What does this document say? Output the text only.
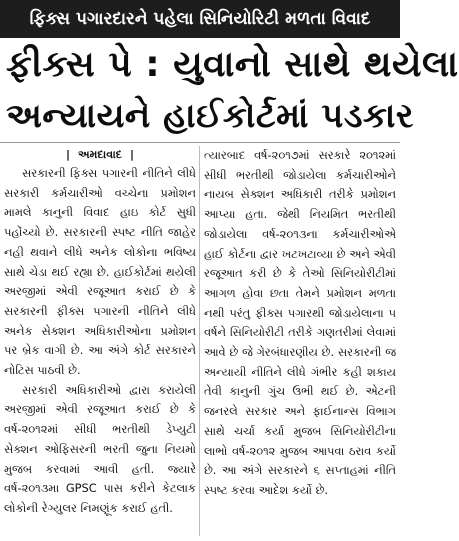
ફિક્સ પગારદારને પહેલા સિનિયોરિટી મળતા વિવાદ
ફીક્સ પે : યુવાનો સાથે થયેલા
અન્યાયને હાઈકોર્ટમાં પડકાર
| અમદાવાદ |

સરકારની ફિક્સ પગારની નીતિને લીધે સરકારી કર્મચારીઓ વચ્ચેના પ્રમોશન મામલે કાનુની વિવાદ હાઇ કોર્ટ સુધી પહોંચ્યો છે. સરકારની સ્પષ્ટ નીતિ જાહેર નહી થવાને લીધે અનેક લોકોના ભવિષ્ય સાથે ચેડા થઈ રહ્યા છે. હાઈકોર્ટમાં થયેલી અરજીમાં એવી રજૂઆત કરાઈ છે કે સરકારની ફીક્સ પગારની નીતિને લીધે અનેક સેક્શન અધિકારીઓના પ્રમોશન પર બ્રેક વાગી છે. આ અંગે કોર્ટ સરકારને નોટિસ પાઠવી છે.

સરકારી અધિકારીઓ દ્વારા કરાયેલી અરજીમાં એવી રજૂઆત કરાઈ છે કે વર્ષ-૨૦૧૨માં સીધી ભરતીથી ડેપ્યુટી સેક્શન ઓફિસરની ભરતી જુના નિયમો મુજબ કરવામાં આવી હતી. જ્યારે વર્ષ-૨૦૧૩મા GPSC પાસ કરીને કેટલાક લોકોની રેગ્યુલર નિમણૂંક કરાઈ હતી.

ત્યારબાદ વર્ષ-૨૦૧૭માં સરકારે ૨૦૧૨માં સીધી ભરતીથી જોડાયેલા કર્મચારીઓને નાયબ સેક્શન અધિકારી તરીકે પ્રમોશન આપ્યા હતા. જેથી નિયમિત ભરતીથી જોડાયેલા વર્ષ-૨૦૧૩ના કર્મચારીઓએ હાઈ કોર્ટના દ્વાર ખટખટાવ્યા છે અને એવી રજૂઆત કરી છે કે તેઓ સિનિયોરીટીમાં આગળ હોવા છતા તેમને પ્રમોશન મળતા નથી પરંતુ ફીક્સ પગારથી જોડાયેલાના ૫ વર્ષને સિનિયોરીટી તરીકે ગણતરીમાં લેવામાં આવે છે જે ગેરબંધારણીય છે. સરકારની જ અન્યાયી નીતિને લીધે ગંભીર કહી શકાય તેવી કાનુની ગુંચ ઉભી થઈ છે. એટની જનરલે સરકાર અને ફાઈનાન્સ વિભાગ સાથે ચર્ચા કર્યા મુજબ સિનિયોરીટીના લાભો વર્ષ-૨૦૧૨ મુજબ આપવા ઠરાવ કર્યો છે. આ અંગે સરકારને ૬ સપ્તાહમાં નીતિ સ્પષ્ટ કરવા આદેશ કર્યો છે.
